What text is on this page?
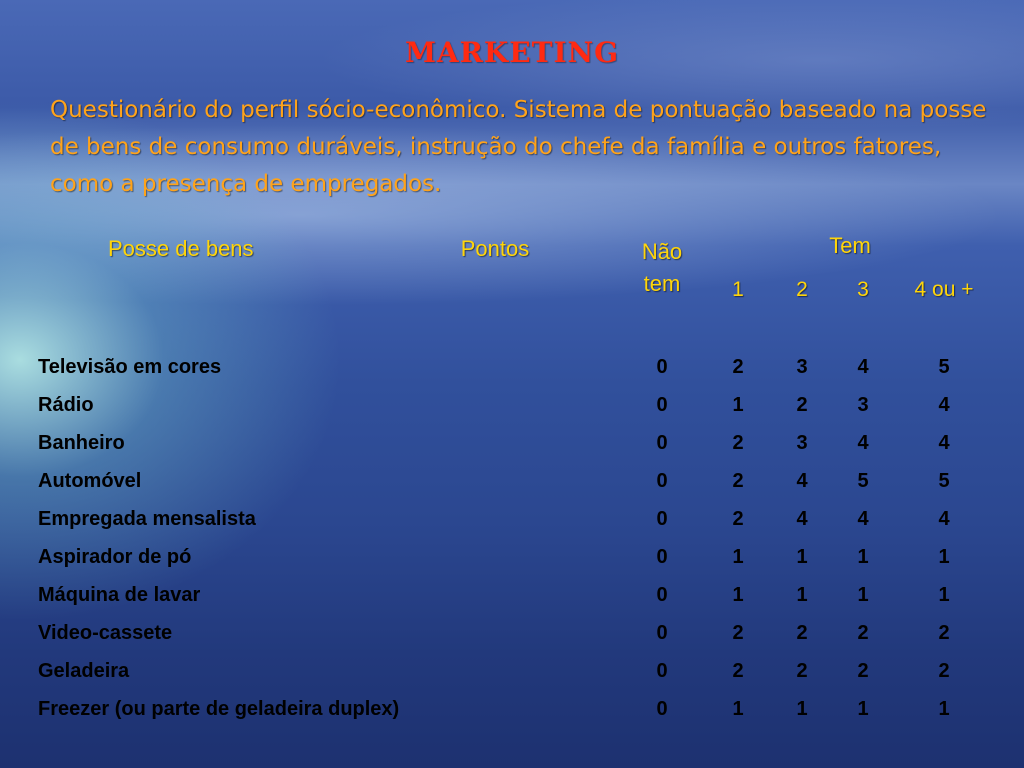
MARKETING

Questionário do perfil sócio-econômico. Sistema de pontuação baseado na posse de bens de consumo duráveis, instrução do chefe da família e outros fatores, como a presença de empregados.

Posse de bens	Pontos	Não tem
Tem
1	2	3	4 ou +
Televisão em cores	0	2	3	4	5
Rádio	0	1	2	3	4
Banheiro	0	2	3	4	4
Automóvel	0	2	4	5	5
Empregada mensalista	0	2	4	4	4
Aspirador de pó	0	1	1	1	1
Máquina de lavar	0	1	1	1	1
Video-cassete	0	2	2	2	2
Geladeira	0	2	2	2	2
Freezer (ou parte de geladeira duplex)	0	1	1	1	1
